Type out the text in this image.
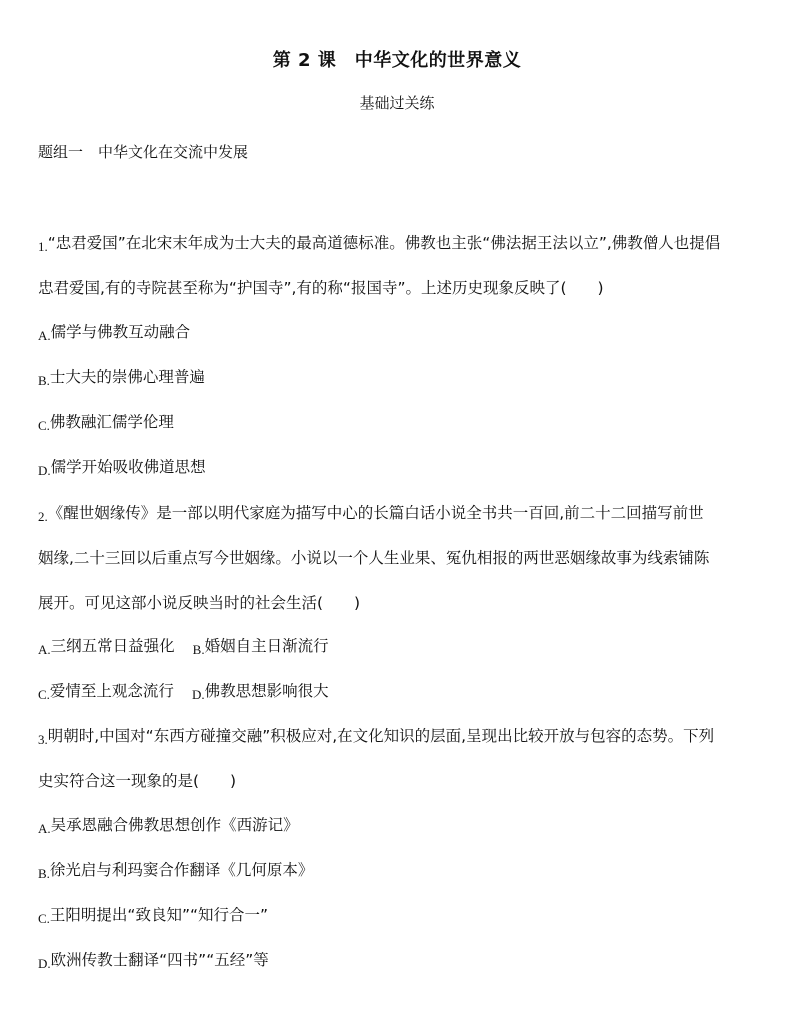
第 2 课　中华文化的世界意义
基础过关练
题组一　中华文化在交流中发展
1.“忠君爱国”在北宋末年成为士大夫的最高道德标准。佛教也主张“佛法据王法以立”,佛教僧人也提倡
忠君爱国,有的寺院甚至称为“护国寺”,有的称“报国寺”。上述历史现象反映了(　　)
A.儒学与佛教互动融合
B.士大夫的崇佛心理普遍
C.佛教融汇儒学伦理
D.儒学开始吸收佛道思想
2.《醒世姻缘传》是一部以明代家庭为描写中心的长篇白话小说全书共一百回,前二十二回描写前世
姻缘,二十三回以后重点写今世姻缘。小说以一个人生业果、冤仇相报的两世恶姻缘故事为线索铺陈
展开。可见这部小说反映当时的社会生活(　　)
A.三纲五常日益强化 B.婚姻自主日渐流行
C.爱情至上观念流行 D.佛教思想影响很大
3.明朝时,中国对“东西方碰撞交融”积极应对,在文化知识的层面,呈现出比较开放与包容的态势。下列
史实符合这一现象的是(　　)
A.吴承恩融合佛教思想创作《西游记》
B.徐光启与利玛窦合作翻译《几何原本》
C.王阳明提出“致良知”“知行合一”
D.欧洲传教士翻译“四书”“五经”等
